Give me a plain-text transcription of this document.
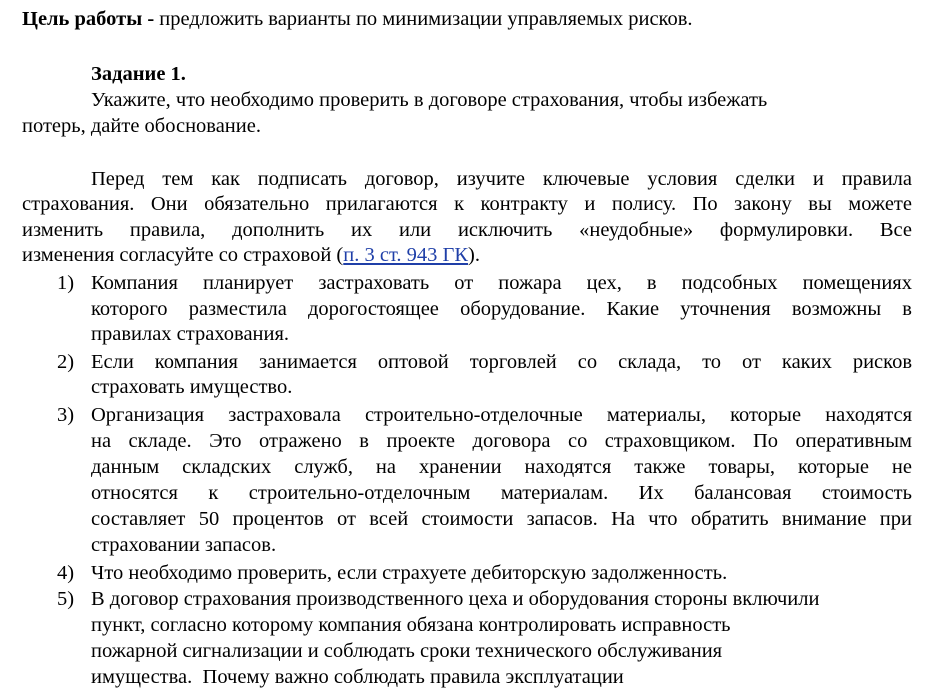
Цель работы - предложить варианты по минимизации управляемых рисков.
Задание 1.
Укажите, что необходимо проверить в договоре страхования, чтобы избежать
потерь, дайте обоснование.
Перед тем как подписать договор, изучите ключевые условия сделки и правила
страхования. Они обязательно прилагаются к контракту и полису. По закону вы можете
изменить правила, дополнить их или исключить «неудобные» формулировки. Все
изменения согласуйте со страховой (п. 3 ст. 943 ГК).
1) Компания планирует застраховать от пожара цех, в подсобных помещениях
которого разместила дорогостоящее оборудование. Какие уточнения возможны в
правилах страхования.
2) Если компания занимается оптовой торговлей со склада, то от каких рисков
страховать имущество.
3) Организация застраховала строительно-отделочные материалы, которые находятся
на складе. Это отражено в проекте договора со страховщиком. По оперативным
данным складских служб, на хранении находятся также товары, которые не
относятся к строительно-отделочным материалам. Их балансовая стоимость
составляет 50 процентов от всей стоимости запасов. На что обратить внимание при
страховании запасов.
4) Что необходимо проверить, если страхуете дебиторскую задолженность.
5) В договор страхования производственного цеха и оборудования стороны включили
пункт, согласно которому компания обязана контролировать исправность
пожарной сигнализации и соблюдать сроки технического обслуживания
имущества.  Почему важно соблюдать правила эксплуатации
